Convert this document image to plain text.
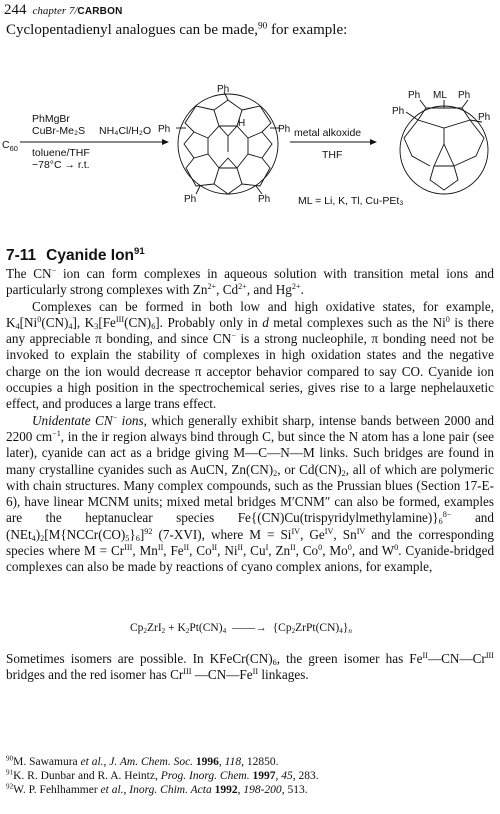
244 chapter 7/CARBON
Cyclopentadienyl analogues can be made,$^{90}$ for example:
PhMgBr
CuBr-Me₂S NH₄Cl/H₂O
$C_{60}$ toluene/THF
−78°C → r.t.
Ph
Ph	Ph
Ph	Ph
H
metal alkoxide
THF
Ph ML Ph
Ph
Ph
ML = Li, K, Tl, Cu-PEt₃
7-11 Cyanide Ion$^{91}$

The CN− ion can form complexes in aqueous solution with transition metal ions and particularly strong complexes with $Zn^{2+}$, $Cd^{2+}$, and $Hg^{2+}$.

Complexes can be formed in both low and high oxidative states, for example, $K_4[Ni^0(CN)_4]$, $K_3[Fe^{III}(CN)_6]$. Probably only in d metal complexes such as the Ni$^0$ is there any appreciable π bonding, and since CN− is a strong nucleophile, π bonding need not be invoked to explain the stability of complexes in high oxidation states and the negative charge on the ion would decrease π acceptor behavior compared to say CO. Cyanide ion occupies a high position in the spectrochemical series, gives rise to a large nephelauxetic effect, and produces a large trans effect.

Unidentate CN− ions, which generally exhibit sharp, intense bands between 2000 and 2200 $cm^{-1}$, in the ir region always bind through C, but since the N atom has a lone pair (see later), cyanide can act as a bridge giving M—C—N—M links. Such bridges are found in many crystalline cyanides such as AuCN, $Zn(CN)_2$, or $Cd(CN)_2$, all of which are polymeric with chain structures. Many complex compounds, such as the Prussian blues (Section 17-E-6), have linear MCNM units; mixed metal bridges M′CNM″ can also be formed, examples are the heptanuclear species $Fe\{(CN)Cu(trispyridylmethylamine)\}_6^{8-}$ and $(NEt_4)_2[M\{NCCr(CO)_5\}_6]^{92}$ (7-XVI), where $M = Si^{IV}$, $Ge^{IV}$, $Sn^{IV}$ and the corresponding species where $M = Cr^{III}$, $Mn^{II}$, $Fe^{II}$, $Co^{II}$, $Ni^{II}$, $Cu^I$, $Zn^{II}$, Co$^0$, Mo$^0$, and $W^0$. Cyanide-bridged complexes can also be made by reactions of cyano complex anions, for example,

$Cp_2ZrI_2 + K_2Pt(CN)_4$ ——→ $\{Cp_2ZrPt(CN)_4\}_n$

Sometimes isomers are possible. In $KFeCr(CN)_6$, the green isomer has $Fe^{II}—CN—Cr^{III}$ bridges and the red isomer has $Cr^{III}$ $—CN—Fe^{II}$ linkages.

$^{90}$M. Sawamura et al., J. Am. Chem. Soc. 1996, 118, 12850.
$^{91}$K. R. Dunbar and R. A. Heintz, Prog. Inorg. Chem. 1997, 45, 283.
$^{92}$W. P. Fehlhammer et al., Inorg. Chim. Acta 1992, 198-200, 513.
